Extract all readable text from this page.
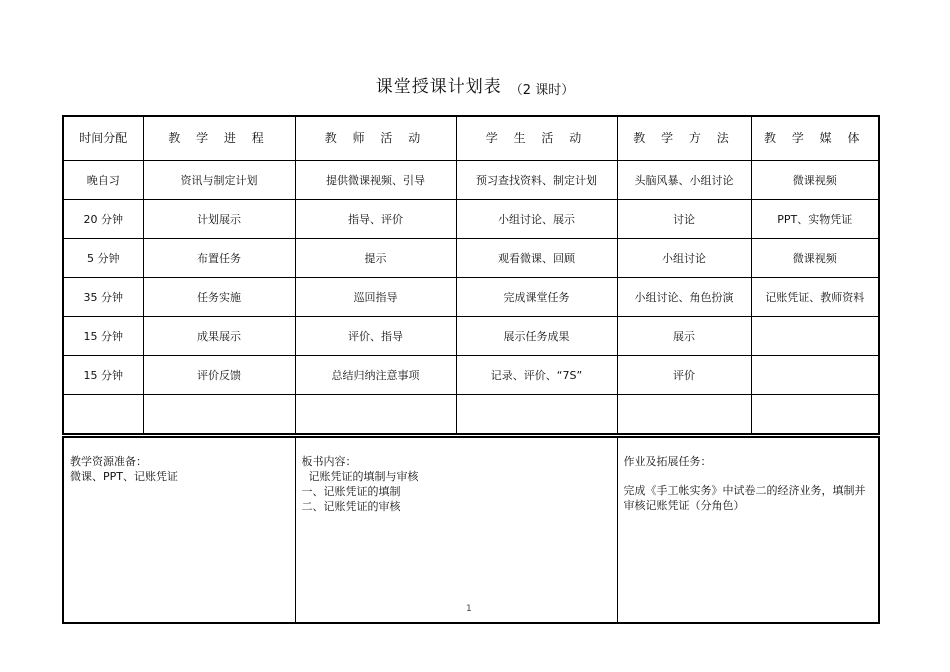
课堂授课计划表 （2 课时）
时间分配	教 学 进 程	教 师 活 动	学 生 活 动	教 学 方 法	教 学 媒 体
晚自习	资讯与制定计划	提供微课视频、引导	预习查找资料、制定计划	头脑风暴、小组讨论	微课视频
20 分钟	计划展示	指导、评价	小组讨论、展示	讨论	PPT、实物凭证
5 分钟	布置任务	提示	观看微课、回顾	小组讨论	微课视频
35 分钟	任务实施	巡回指导	完成课堂任务	小组讨论、角色扮演	记账凭证、教师资料
15 分钟	成果展示	评价、指导	展示任务成果	展示	
15 分钟	评价反馈	总结归纳注意事项	记录、评价、“7S”	评价	

教学资源准备：
微课、PPT、记账凭证

板书内容：
记账凭证的填制与审核
一、记账凭证的填制
二、记账凭证的审核

作业及拓展任务：
完成《手工帐实务》中试卷二的经济业务，填制并审核记账凭证（分角色）
1
